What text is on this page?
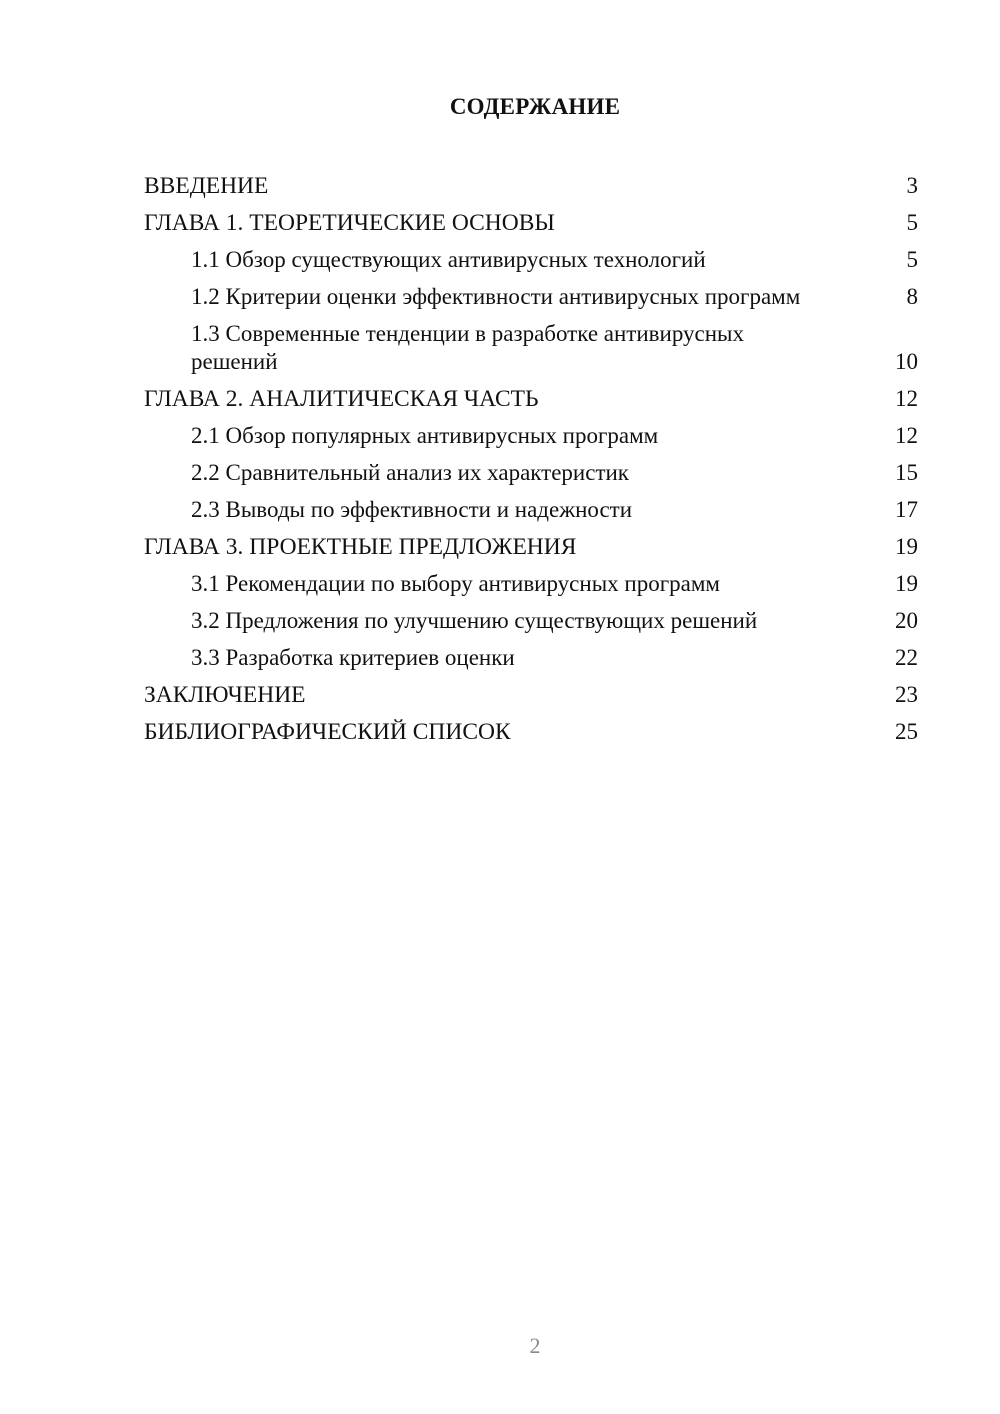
СОДЕРЖАНИЕ
ВВЕДЕНИЕ	3
ГЛАВА 1. ТЕОРЕТИЧЕСКИЕ ОСНОВЫ	5
1.1 Обзор существующих антивирусных технологий	5
1.2 Критерии оценки эффективности антивирусных программ	8
1.3 Современные тенденции в разработке антивирусных решений	10
ГЛАВА 2. АНАЛИТИЧЕСКАЯ ЧАСТЬ	12
2.1 Обзор популярных антивирусных программ	12
2.2 Сравнительный анализ их характеристик	15
2.3 Выводы по эффективности и надежности	17
ГЛАВА 3. ПРОЕКТНЫЕ ПРЕДЛОЖЕНИЯ	19
3.1 Рекомендации по выбору антивирусных программ	19
3.2 Предложения по улучшению существующих решений	20
3.3 Разработка критериев оценки	22
ЗАКЛЮЧЕНИЕ	23
БИБЛИОГРАФИЧЕСКИЙ СПИСОК	25
2
